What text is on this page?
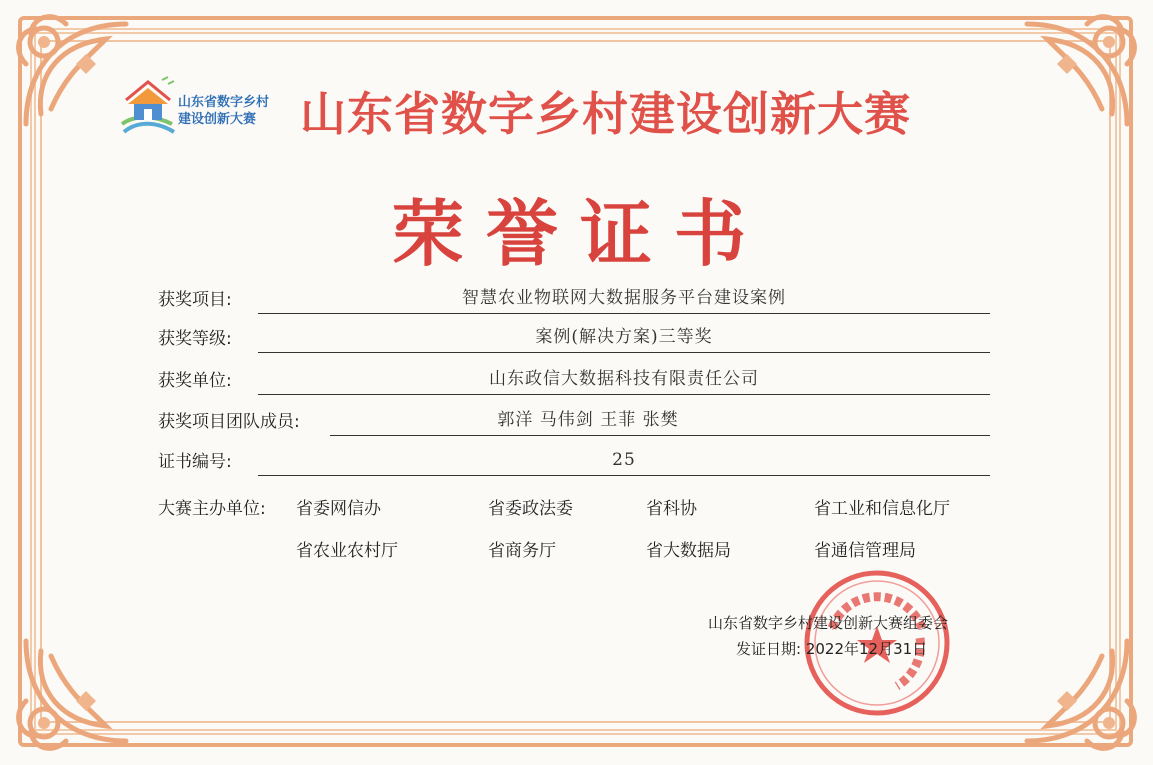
山东省数字乡村
建设创新大赛 山东省数字乡村建设创新大赛
荣誉证书
获奖项目:	智慧农业物联网大数据服务平台建设案例
获奖等级:	案例(解决方案)三等奖
获奖单位:	山东政信大数据科技有限责任公司
获奖项目团队成员:	郭洋 马伟剑 王菲 张樊
证书编号:	25
大赛主办单位: 省委网信办	省委政法委	省科协	省工业和信息化厅
省农业农村厅	省商务厅	省大数据局	省通信管理局
山东省数字乡村建设创新大赛组委会
发证日期: 2022年12月31日
